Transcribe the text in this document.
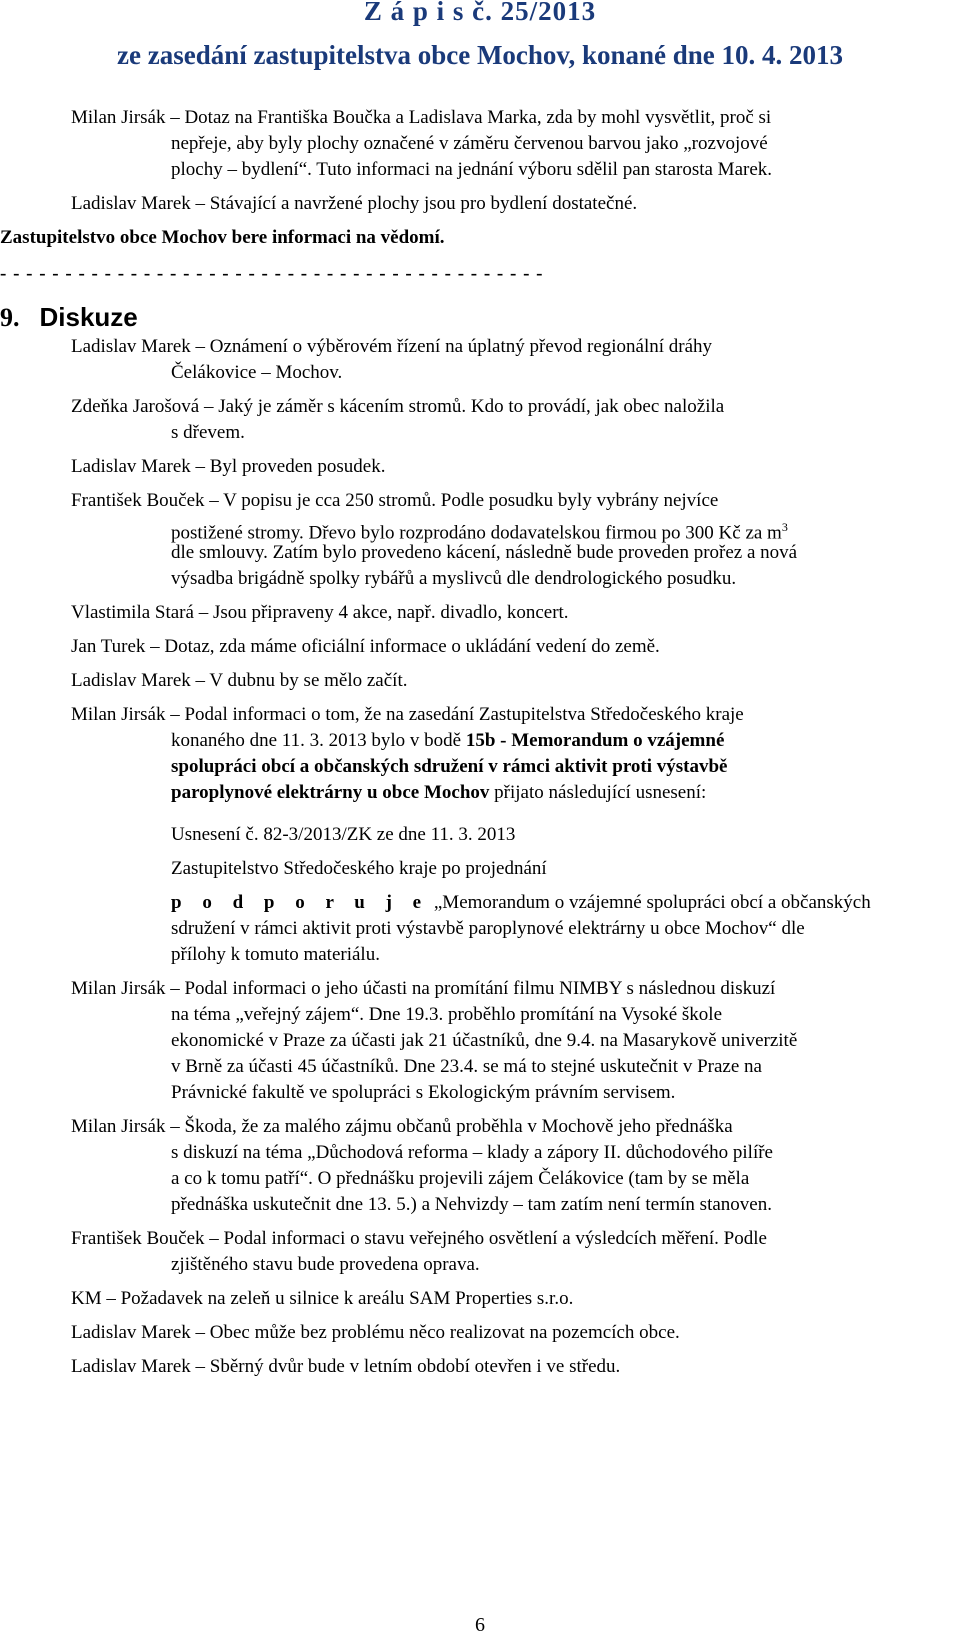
Z á p i s č. 25/2013
ze zasedání zastupitelstva obce Mochov, konané dne 10. 4. 2013
Milan Jirsák – Dotaz na Františka Boučka a Ladislava Marka, zda by mohl vysvětlit, proč si
nepřeje, aby byly plochy označené v záměru červenou barvou jako „rozvojové
plochy – bydlení“. Tuto informaci na jednání výboru sdělil pan starosta Marek.
Ladislav Marek – Stávající a navržené plochy jsou pro bydlení dostatečné.
Zastupitelstvo obce Mochov bere informaci na vědomí.
- - - - - - - - - - - - - - - - - - - - - - - - - - - - - - - - - - - - - - - - - -
9. Diskuze
Ladislav Marek – Oznámení o výběrovém řízení na úplatný převod regionální dráhy
Čelákovice – Mochov.
Zdeňka Jarošová – Jaký je záměr s kácením stromů. Kdo to provádí, jak obec naložila
s dřevem.
Ladislav Marek – Byl proveden posudek.
František Bouček – V popisu je cca 250 stromů. Podle posudku byly vybrány nejvíce
postižené stromy. Dřevo bylo rozprodáno dodavatelskou firmou po 300 Kč za $m^3$
dle smlouvy. Zatím bylo provedeno kácení, následně bude proveden prořez a nová
výsadba brigádně spolky rybářů a myslivců dle dendrologického posudku.
Vlastimila Stará – Jsou připraveny 4 akce, např. divadlo, koncert.
Jan Turek – Dotaz, zda máme oficiální informace o ukládání vedení do země.
Ladislav Marek – V dubnu by se mělo začít.
Milan Jirsák – Podal informaci o tom, že na zasedání Zastupitelstva Středočeského kraje
konaného dne 11. 3. 2013 bylo v bodě 15b - Memorandum o vzájemné
spolupráci obcí a občanských sdružení v rámci aktivit proti výstavbě
paroplynové elektrárny u obce Mochov přijato následující usnesení:
Usnesení č. 82-3/2013/ZK ze dne 11. 3. 2013
Zastupitelstvo Středočeského kraje po projednání
p o d p o r u j e „Memorandum o vzájemné spolupráci obcí a občanských
sdružení v rámci aktivit proti výstavbě paroplynové elektrárny u obce Mochov“ dle
přílohy k tomuto materiálu.
Milan Jirsák – Podal informaci o jeho účasti na promítání filmu NIMBY s následnou diskuzí
na téma „veřejný zájem“. Dne 19.3. proběhlo promítání na Vysoké škole
ekonomické v Praze za účasti jak 21 účastníků, dne 9.4. na Masarykově univerzitě
v Brně za účasti 45 účastníků. Dne 23.4. se má to stejné uskutečnit v Praze na
Právnické fakultě ve spolupráci s Ekologickým právním servisem.
Milan Jirsák – Škoda, že za malého zájmu občanů proběhla v Mochově jeho přednáška
s diskuzí na téma „Důchodová reforma – klady a zápory II. důchodového pilíře
a co k tomu patří“. O přednášku projevili zájem Čelákovice (tam by se měla
přednáška uskutečnit dne 13. 5.) a Nehvizdy – tam zatím není termín stanoven.
František Bouček – Podal informaci o stavu veřejného osvětlení a výsledcích měření. Podle
zjištěného stavu bude provedena oprava.
KM – Požadavek na zeleň u silnice k areálu SAM Properties s.r.o.
Ladislav Marek – Obec může bez problému něco realizovat na pozemcích obce.
Ladislav Marek – Sběrný dvůr bude v letním období otevřen i ve středu.
6
